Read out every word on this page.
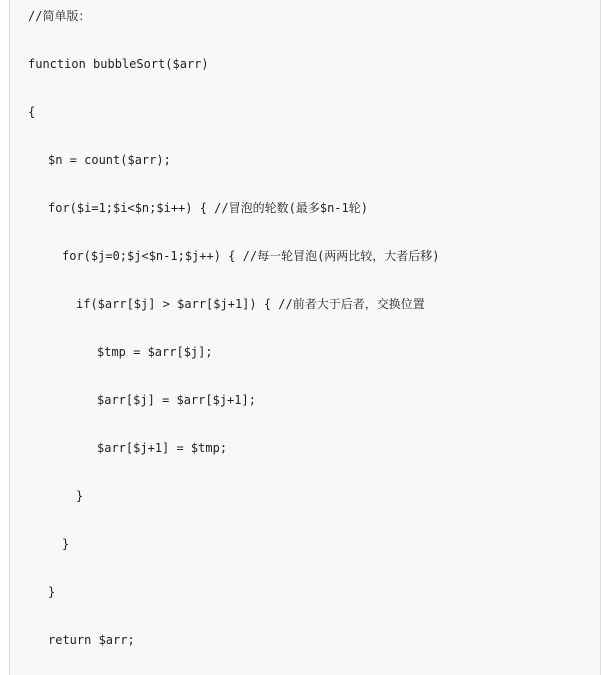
//简单版：
function bubbleSort($arr)
{
$n = count($arr);
for($i=1;$i<$n;$i++) { //冒泡的轮数(最多$n-1轮)
for($j=0;$j<$n-1;$j++) { //每一轮冒泡(两两比较，大者后移)
if($arr[$j] > $arr[$j+1]) { //前者大于后者，交换位置
$tmp = $arr[$j];
$arr[$j] = $arr[$j+1];
$arr[$j+1] = $tmp;
}
}
}
return $arr;
